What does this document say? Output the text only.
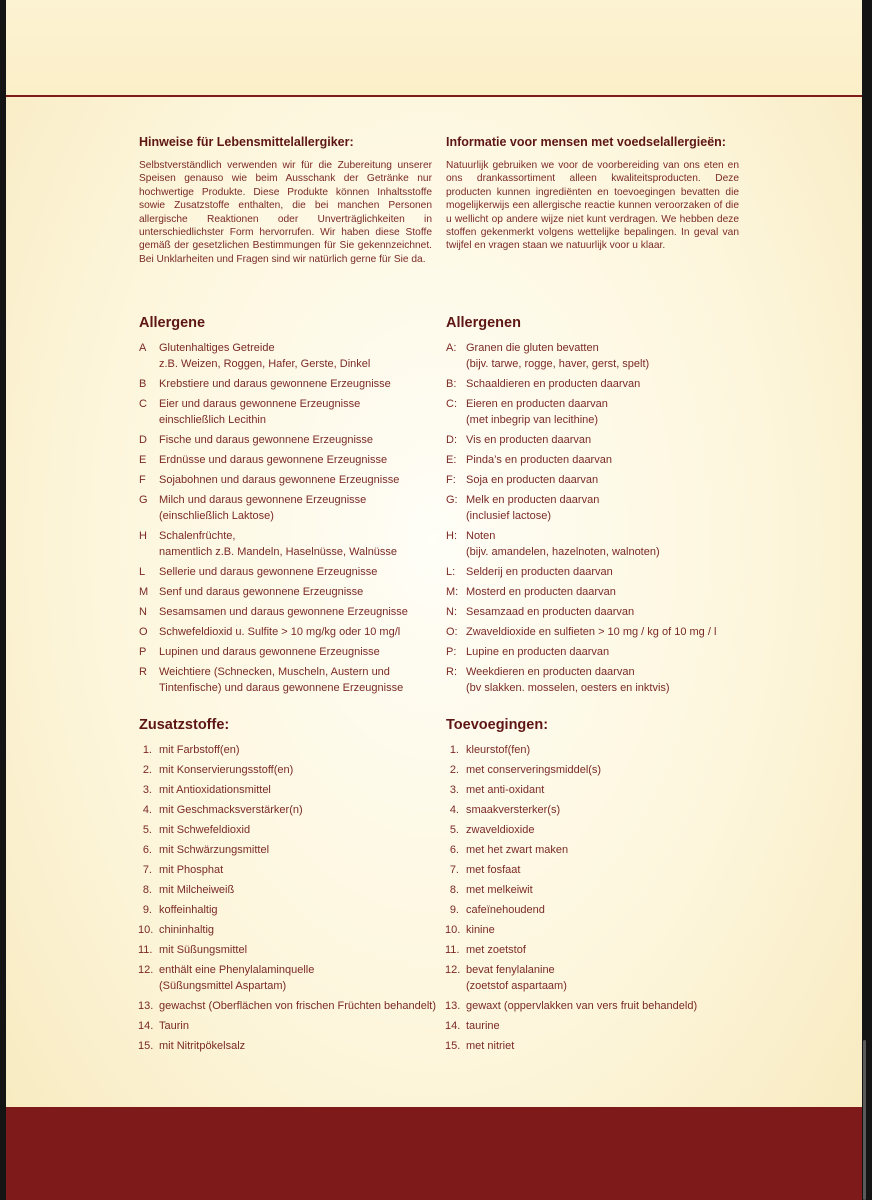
Hinweise für Lebensmittelallergiker:

Selbstverständlich verwenden wir für die Zubereitung unserer Speisen genauso wie beim Ausschank der Getränke nur hochwertige Produkte. Diese Produkte können Inhaltsstoffe sowie Zusatzstoffe enthalten, die bei manchen Personen allergische Reaktionen oder Unverträglichkeiten in unterschiedlichster Form hervorrufen. Wir haben diese Stoffe gemäß der gesetzlichen Bestimmungen für Sie gekennzeichnet. Bei Unklarheiten und Fragen sind wir natürlich gerne für Sie da.

Allergene
A	Glutenhaltiges Getreide
z.B. Weizen, Roggen, Hafer, Gerste, Dinkel
B	Krebstiere und daraus gewonnene Erzeugnisse
C	Eier und daraus gewonnene Erzeugnisse
einschließlich Lecithin
D	Fische und daraus gewonnene Erzeugnisse
E	Erdnüsse und daraus gewonnene Erzeugnisse
F	Sojabohnen und daraus gewonnene Erzeugnisse
G	Milch und daraus gewonnene Erzeugnisse
(einschließlich Laktose)
H	Schalenfrüchte,
namentlich z.B. Mandeln, Haselnüsse, Walnüsse
L	Sellerie und daraus gewonnene Erzeugnisse
M Senf und daraus gewonnene Erzeugnisse
N	Sesamsamen und daraus gewonnene Erzeugnisse
O	Schwefeldioxid u. Sulfite > 10 mg/kg oder 10 mg/l
P	Lupinen und daraus gewonnene Erzeugnisse
R	Weichtiere (Schnecken, Muscheln, Austern und
Tintenfische) und daraus gewonnene Erzeugnisse
Zusatzstoffe:
1. mit Farbstoff(en)
2. mit Konservierungsstoff(en)
3. mit Antioxidationsmittel
4. mit Geschmacksverstärker(n)
5. mit Schwefeldioxid
6. mit Schwärzungsmittel
7. mit Phosphat
8. mit Milcheiweiß
9. koffeinhaltig
10. chininhaltig
11. mit Süßungsmittel
12. enthält eine Phenylalaminquelle
(Süßungsmittel Aspartam)
13. gewachst (Oberflächen von frischen Früchten behandelt)
14. Taurin
15. mit Nitritpökelsalz
Informatie voor mensen met voedselallergieën:

Natuurlijk gebruiken we voor de voorbereiding van ons eten en ons drankassortiment alleen kwaliteitsproducten. Deze producten kunnen ingrediënten en toevoegingen bevatten die mogelijkerwijs een allergische reactie kunnen veroorzaken of die u wellicht op andere wijze niet kunt verdragen. We hebben deze stoffen gekenmerkt volgens wettelijke bepalingen. In geval van twijfel en vragen staan we natuurlijk voor u klaar.

Allergenen
A: Granen die gluten bevatten
(bijv. tarwe, rogge, haver, gerst, spelt)
B: Schaaldieren en producten daarvan
C: Eieren en producten daarvan
(met inbegrip van lecithine)
D: Vis en producten daarvan
E: Pinda’s en producten daarvan
F: Soja en producten daarvan
G: Melk en producten daarvan
(inclusief lactose)
H: Noten
(bijv. amandelen, hazelnoten, walnoten)
L: Selderij en producten daarvan
M: Mosterd en producten daarvan
N: Sesamzaad en producten daarvan
O: Zwaveldioxide en sulfieten > 10 mg / kg of 10 mg / l
P: Lupine en producten daarvan
R: Weekdieren en producten daarvan
(bv slakken. mosselen, oesters en inktvis)
Toevoegingen:
1. kleurstof(fen)
2. met conserveringsmiddel(s)
3. met anti-oxidant
4. smaakversterker(s)
5. zwaveldioxide
6. met het zwart maken
7. met fosfaat
8. met melkeiwit
9. cafeïnehoudend
10. kinine
11. met zoetstof
12. bevat fenylalanine
(zoetstof aspartaam)
13. gewaxt (oppervlakken van vers fruit behandeld)
14. taurine
15. met nitriet
